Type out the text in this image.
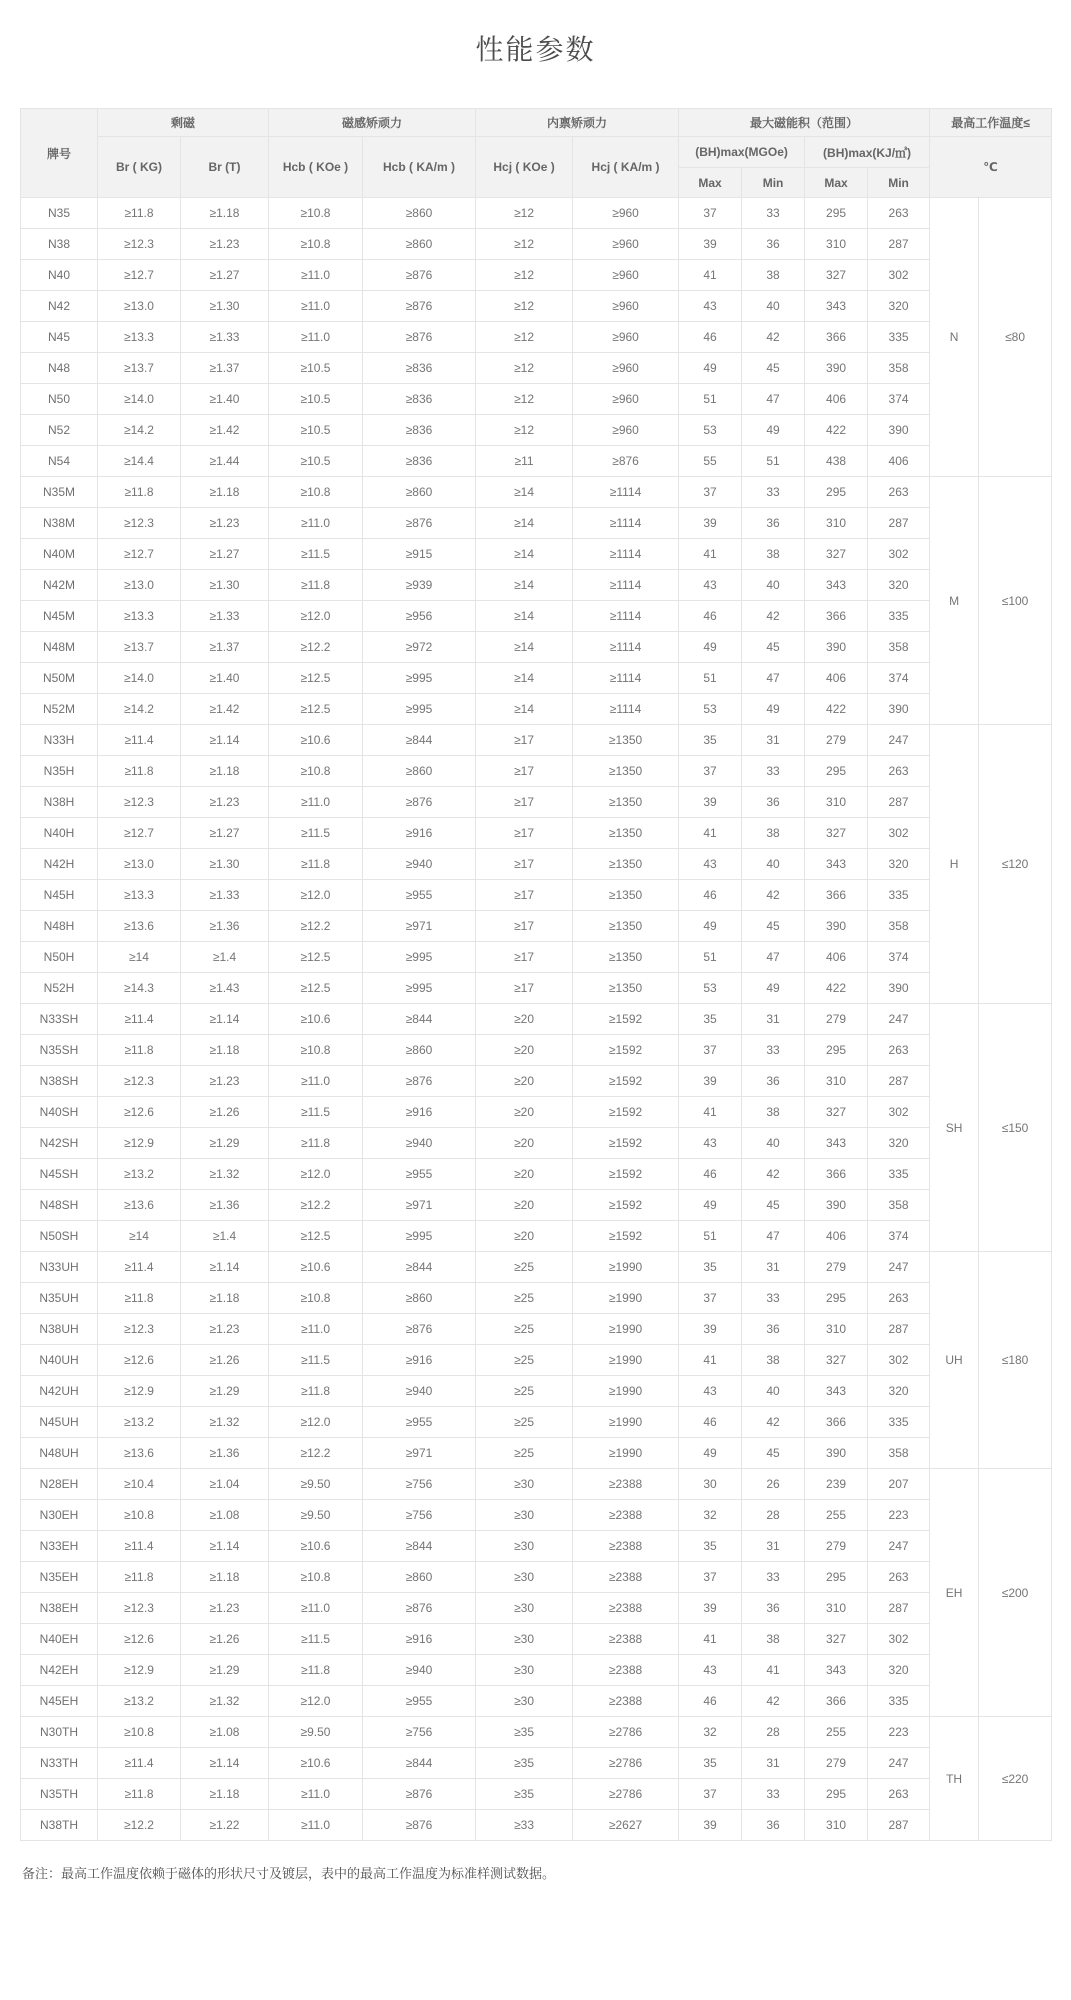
性能参数
牌号	剩磁		磁感矫顽力		内禀矫顽力		最大磁能积（范围）				最高工作温度≤	
	Br ( KG)	Br (T)	Hcb ( KOe )	Hcb ( KA/m )	Hcj ( KOe )	Hcj ( KA/m )	(BH)max(MGOe)		(BH)max(KJ/㎥)		℃	
							Max	Min	Max	Min		
N35	≥11.8	≥1.18	≥10.8	≥860	≥12	≥960	37	33	295	263	N	≤80
N38	≥12.3	≥1.23	≥10.8	≥860	≥12	≥960	39	36	310	287		
N40	≥12.7	≥1.27	≥11.0	≥876	≥12	≥960	41	38	327	302		
N42	≥13.0	≥1.30	≥11.0	≥876	≥12	≥960	43	40	343	320		
N45	≥13.3	≥1.33	≥11.0	≥876	≥12	≥960	46	42	366	335		
N48	≥13.7	≥1.37	≥10.5	≥836	≥12	≥960	49	45	390	358		
N50	≥14.0	≥1.40	≥10.5	≥836	≥12	≥960	51	47	406	374		
N52	≥14.2	≥1.42	≥10.5	≥836	≥12	≥960	53	49	422	390		
N54	≥14.4	≥1.44	≥10.5	≥836	≥11	≥876	55	51	438	406		
N35M	≥11.8	≥1.18	≥10.8	≥860	≥14	≥1114	37	33	295	263	M	≤100
N38M	≥12.3	≥1.23	≥11.0	≥876	≥14	≥1114	39	36	310	287		
N40M	≥12.7	≥1.27	≥11.5	≥915	≥14	≥1114	41	38	327	302		
N42M	≥13.0	≥1.30	≥11.8	≥939	≥14	≥1114	43	40	343	320		
N45M	≥13.3	≥1.33	≥12.0	≥956	≥14	≥1114	46	42	366	335		
N48M	≥13.7	≥1.37	≥12.2	≥972	≥14	≥1114	49	45	390	358		
N50M	≥14.0	≥1.40	≥12.5	≥995	≥14	≥1114	51	47	406	374		
N52M	≥14.2	≥1.42	≥12.5	≥995	≥14	≥1114	53	49	422	390		
N33H	≥11.4	≥1.14	≥10.6	≥844	≥17	≥1350	35	31	279	247	H	≤120
N35H	≥11.8	≥1.18	≥10.8	≥860	≥17	≥1350	37	33	295	263		
N38H	≥12.3	≥1.23	≥11.0	≥876	≥17	≥1350	39	36	310	287		
N40H	≥12.7	≥1.27	≥11.5	≥916	≥17	≥1350	41	38	327	302		
N42H	≥13.0	≥1.30	≥11.8	≥940	≥17	≥1350	43	40	343	320		
N45H	≥13.3	≥1.33	≥12.0	≥955	≥17	≥1350	46	42	366	335		
N48H	≥13.6	≥1.36	≥12.2	≥971	≥17	≥1350	49	45	390	358		
N50H	≥14	≥1.4	≥12.5	≥995	≥17	≥1350	51	47	406	374		
N52H	≥14.3	≥1.43	≥12.5	≥995	≥17	≥1350	53	49	422	390		
N33SH	≥11.4	≥1.14	≥10.6	≥844	≥20	≥1592	35	31	279	247	SH	≤150
N35SH	≥11.8	≥1.18	≥10.8	≥860	≥20	≥1592	37	33	295	263		
N38SH	≥12.3	≥1.23	≥11.0	≥876	≥20	≥1592	39	36	310	287		
N40SH	≥12.6	≥1.26	≥11.5	≥916	≥20	≥1592	41	38	327	302		
N42SH	≥12.9	≥1.29	≥11.8	≥940	≥20	≥1592	43	40	343	320		
N45SH	≥13.2	≥1.32	≥12.0	≥955	≥20	≥1592	46	42	366	335		
N48SH	≥13.6	≥1.36	≥12.2	≥971	≥20	≥1592	49	45	390	358		
N50SH	≥14	≥1.4	≥12.5	≥995	≥20	≥1592	51	47	406	374		
N33UH	≥11.4	≥1.14	≥10.6	≥844	≥25	≥1990	35	31	279	247	UH	≤180
N35UH	≥11.8	≥1.18	≥10.8	≥860	≥25	≥1990	37	33	295	263		
N38UH	≥12.3	≥1.23	≥11.0	≥876	≥25	≥1990	39	36	310	287		
N40UH	≥12.6	≥1.26	≥11.5	≥916	≥25	≥1990	41	38	327	302		
N42UH	≥12.9	≥1.29	≥11.8	≥940	≥25	≥1990	43	40	343	320		
N45UH	≥13.2	≥1.32	≥12.0	≥955	≥25	≥1990	46	42	366	335		
N48UH	≥13.6	≥1.36	≥12.2	≥971	≥25	≥1990	49	45	390	358		
N28EH	≥10.4	≥1.04	≥9.50	≥756	≥30	≥2388	30	26	239	207	EH	≤200
N30EH	≥10.8	≥1.08	≥9.50	≥756	≥30	≥2388	32	28	255	223		
N33EH	≥11.4	≥1.14	≥10.6	≥844	≥30	≥2388	35	31	279	247		
N35EH	≥11.8	≥1.18	≥10.8	≥860	≥30	≥2388	37	33	295	263		
N38EH	≥12.3	≥1.23	≥11.0	≥876	≥30	≥2388	39	36	310	287		
N40EH	≥12.6	≥1.26	≥11.5	≥916	≥30	≥2388	41	38	327	302		
N42EH	≥12.9	≥1.29	≥11.8	≥940	≥30	≥2388	43	41	343	320		
N45EH	≥13.2	≥1.32	≥12.0	≥955	≥30	≥2388	46	42	366	335		
N30TH	≥10.8	≥1.08	≥9.50	≥756	≥35	≥2786	32	28	255	223	TH	≤220
N33TH	≥11.4	≥1.14	≥10.6	≥844	≥35	≥2786	35	31	279	247		
N35TH	≥11.8	≥1.18	≥11.0	≥876	≥35	≥2786	37	33	295	263		
N38TH	≥12.2	≥1.22	≥11.0	≥876	≥33	≥2627	39	36	310	287		
备注：最高工作温度依赖于磁体的形状尺寸及镀层，表中的最高工作温度为标准样测试数据。
